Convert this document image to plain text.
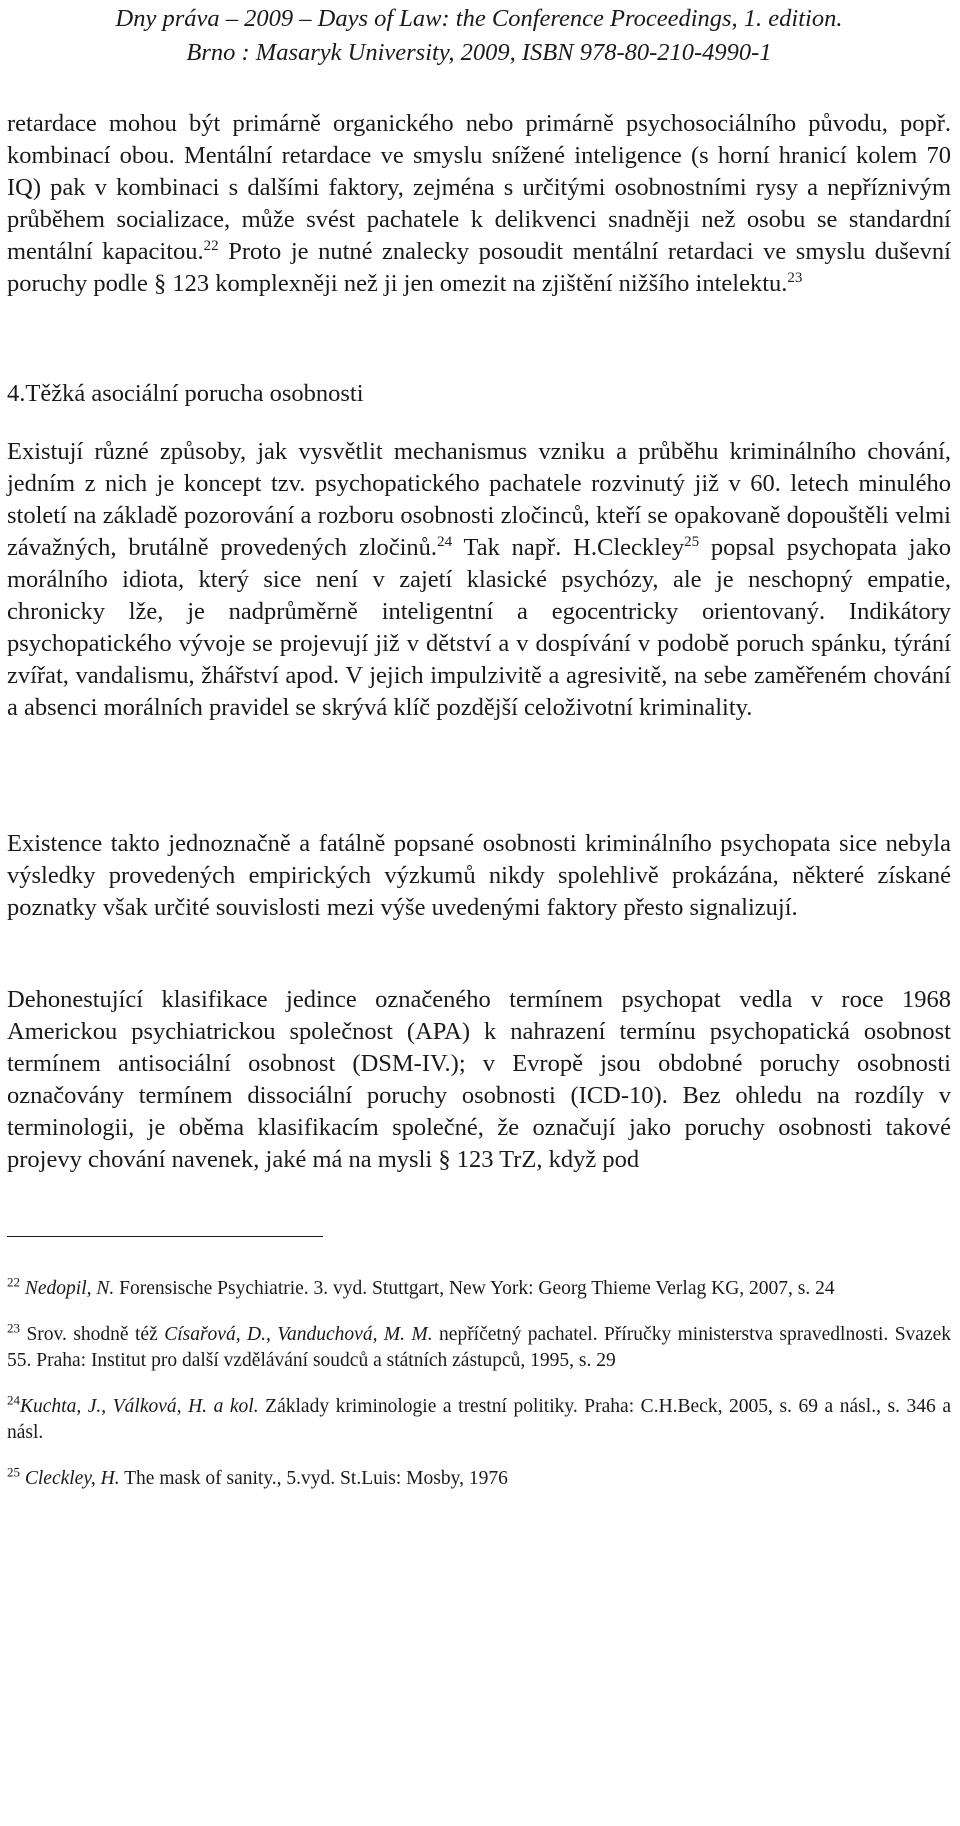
Dny práva – 2009 – Days of Law: the Conference Proceedings, 1. edition.
Brno : Masaryk University, 2009, ISBN 978-80-210-4990-1

retardace mohou být primárně organického nebo primárně psychosociálního původu, popř. kombinací obou. Mentální retardace ve smyslu snížené inteligence (s horní hranicí kolem 70 IQ) pak v kombinaci s dalšími faktory, zejména s určitými osobnostními rysy a nepříznivým průběhem socializace, může svést pachatele k delikvenci snadněji než osobu se standardní mentální kapacitou.$^{22}$ Proto je nutné znalecky posoudit mentální retardaci ve smyslu duševní poruchy podle § 123 komplexněji než ji jen omezit na zjištění nižšího intelektu.$^{23}$

4.Těžká asociální porucha osobnosti

Existují různé způsoby, jak vysvětlit mechanismus vzniku a průběhu kriminálního chování, jedním z nich je koncept tzv. psychopatického pachatele rozvinutý již v 60. letech minulého století na základě pozorování a rozboru osobnosti zločinců, kteří se opakovaně dopouštěli velmi závažných, brutálně provedených zločinů.$^{24}$ Tak např. H.Cleckley$^{25}$ popsal psychopata jako morálního idiota, který sice není v zajetí klasické psychózy, ale je neschopný empatie, chronicky lže, je nadprůměrně inteligentní a egocentricky orientovaný. Indikátory psychopatického vývoje se projevují již v dětství a v dospívání v podobě poruch spánku, týrání zvířat, vandalismu, žhářství apod. V jejich impulzivitě a agresivitě, na sebe zaměřeném chování a absenci morálních pravidel se skrývá klíč pozdější celoživotní kriminality.

Existence takto jednoznačně a fatálně popsané osobnosti kriminálního psychopata sice nebyla výsledky provedených empirických výzkumů nikdy spolehlivě prokázána, některé získané poznatky však určité souvislosti mezi výše uvedenými faktory přesto signalizují.

Dehonestující klasifikace jedince označeného termínem psychopat vedla v roce 1968 Americkou psychiatrickou společnost (APA) k nahrazení termínu psychopatická osobnost termínem antisociální osobnost (DSM-IV.); v Evropě jsou obdobné poruchy osobnosti označovány termínem dissociální poruchy osobnosti (ICD-10). Bez ohledu na rozdíly v terminologii, je oběma klasifikacím společné, že označují jako poruchy osobnosti takové projevy chování navenek, jaké má na mysli § 123 TrZ, když pod

$^{22}$ Nedopil, N. Forensische Psychiatrie. 3. vyd. Stuttgart, New York: Georg Thieme Verlag KG, 2007, s. 24

$^{23}$ Srov. shodně též Císařová, D., Vanduchová, M. M. nepříčetný pachatel. Příručky ministerstva spravedlnosti. Svazek 55. Praha: Institut pro další vzdělávání soudců a státních zástupců, 1995, s. 29

$^{24}$Kuchta, J., Válková, H. a kol. Základy kriminologie a trestní politiky. Praha: C.H.Beck, 2005, s. 69 a násl., s. 346 a násl.

$^{25}$ Cleckley, H. The mask of sanity., 5.vyd. St.Luis: Mosby, 1976
